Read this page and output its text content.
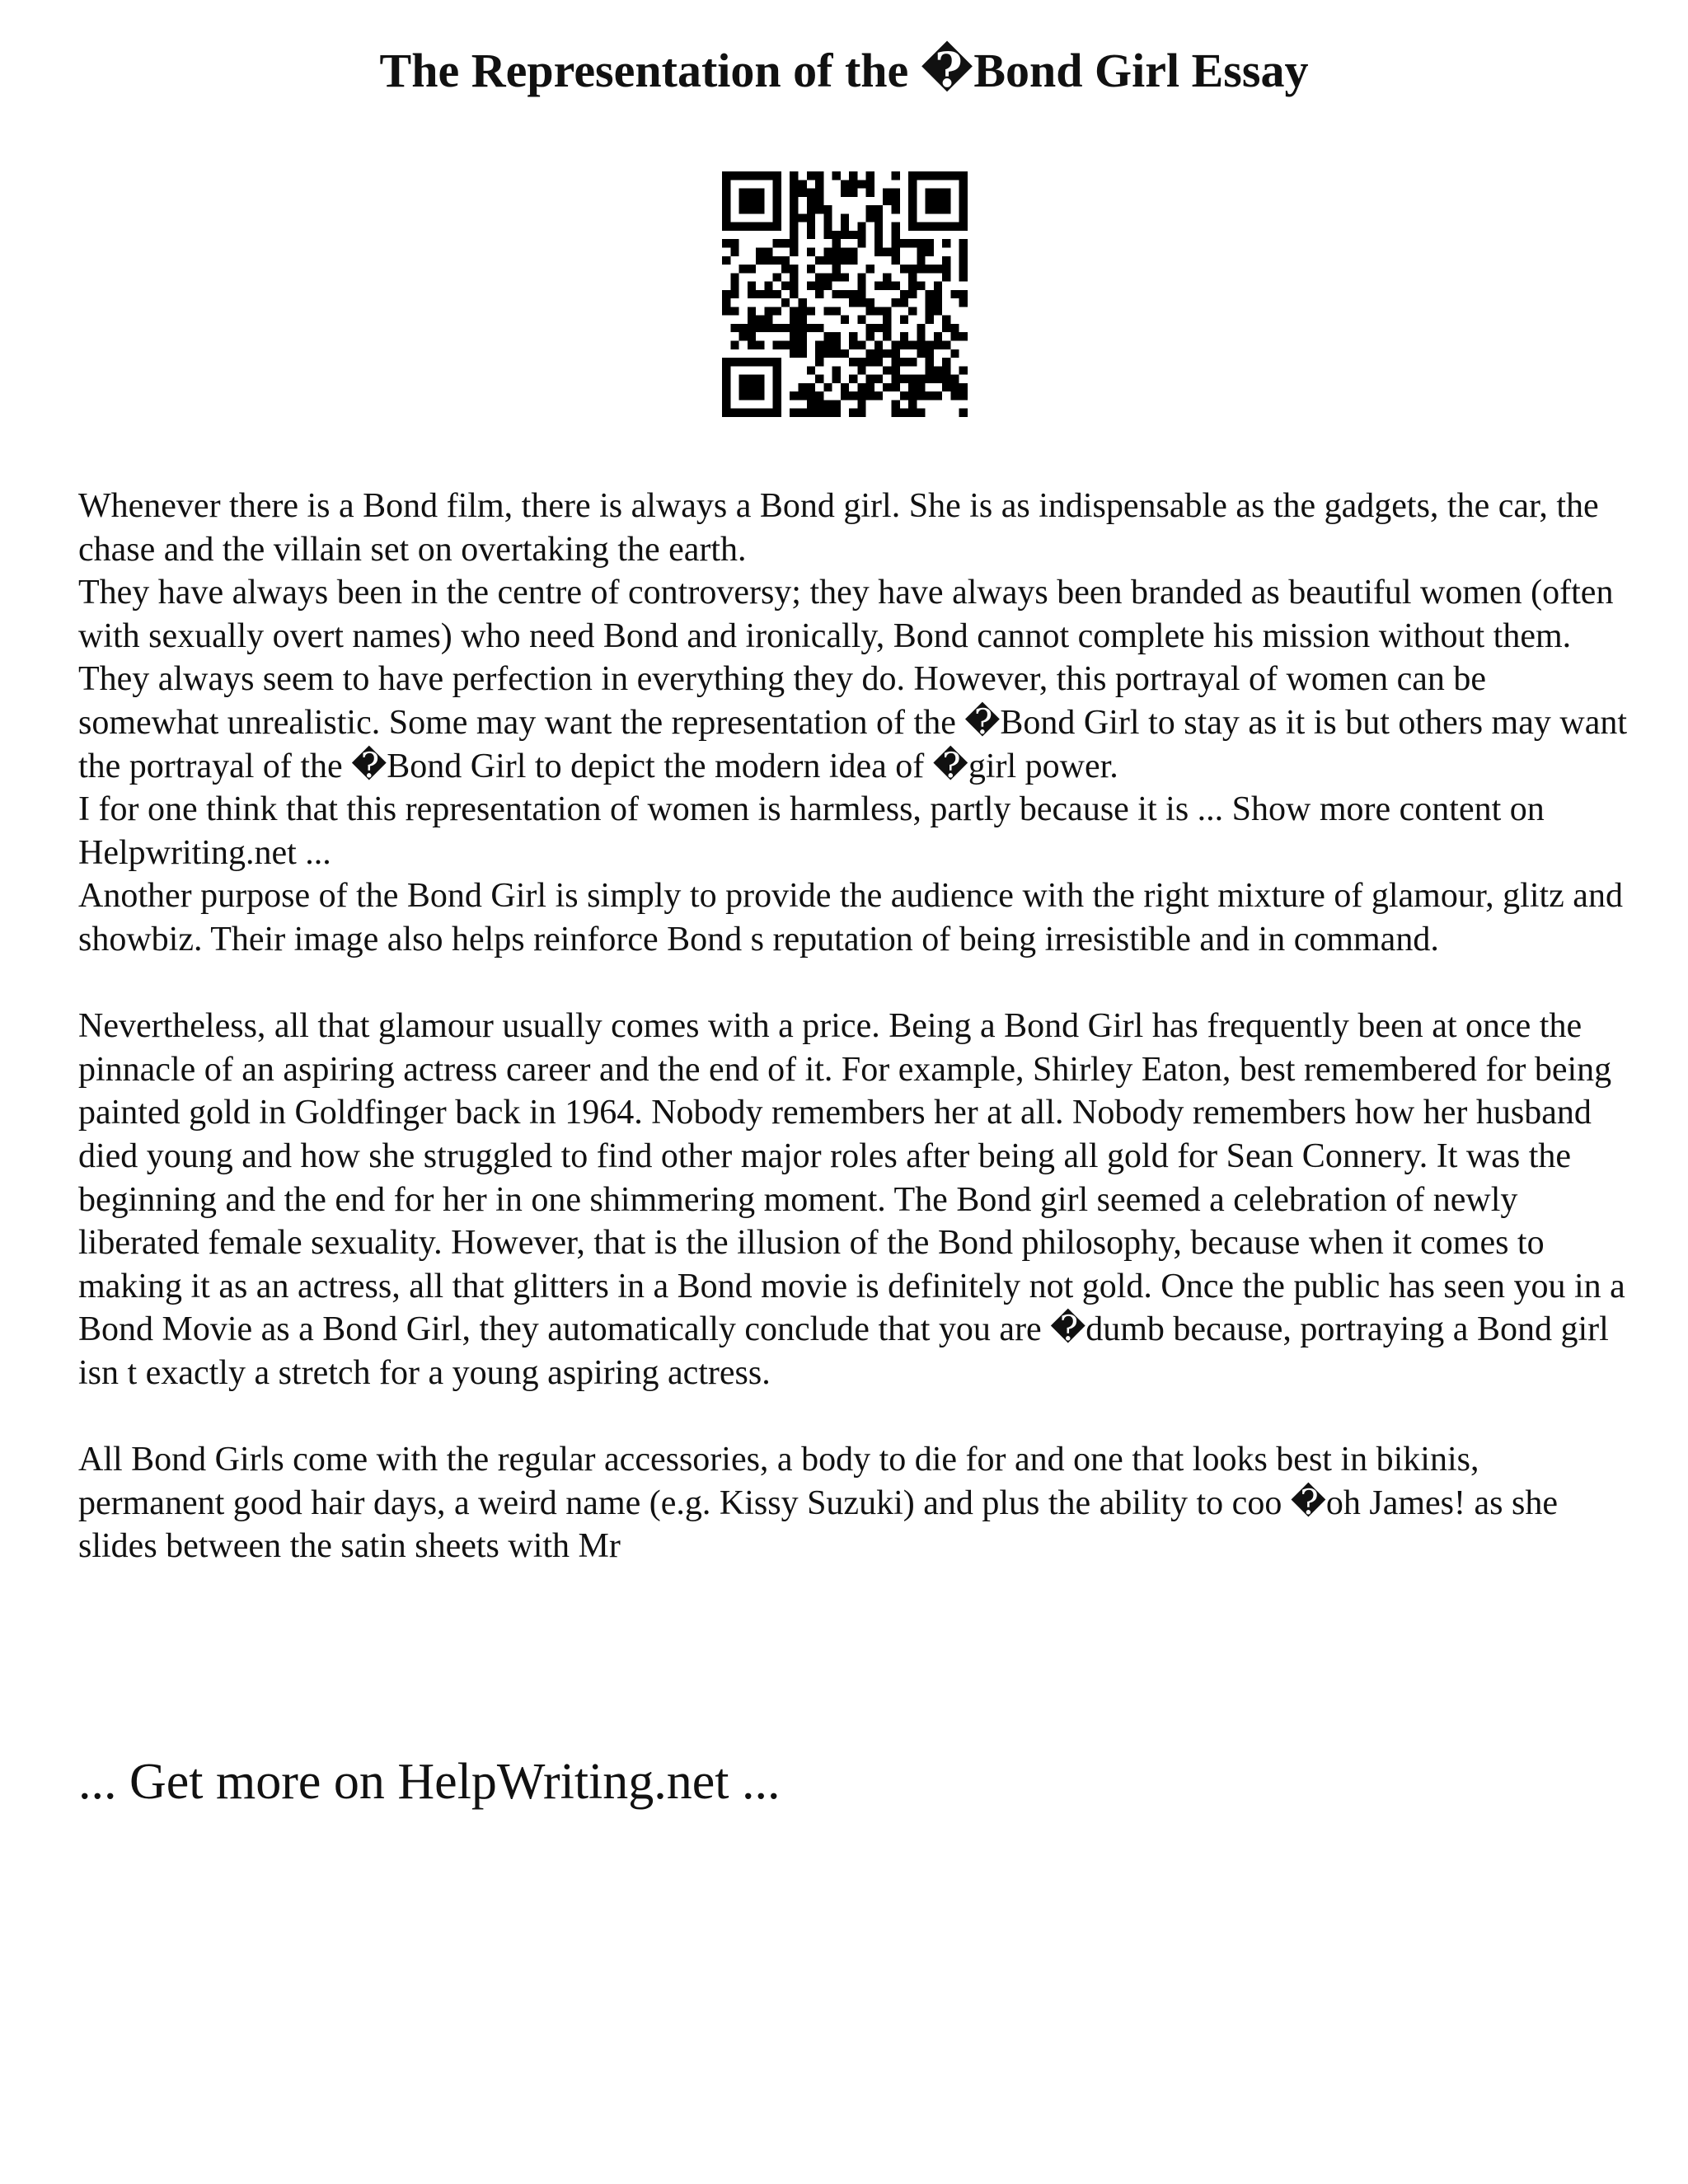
The Representation of the �Bond Girl Essay

Whenever there is a Bond film, there is always a Bond girl. She is as indispensable as the gadgets, the car, the chase and the villain set on overtaking the earth.

They have always been in the centre of controversy; they have always been branded as beautiful women (often with sexually overt names) who need Bond and ironically, Bond cannot complete his mission without them. They always seem to have perfection in everything they do. However, this portrayal of women can be somewhat unrealistic. Some may want the representation of the �Bond Girl to stay as it is but others may want the portrayal of the �Bond Girl to depict the modern idea of �girl power.

I for one think that this representation of women is harmless, partly because it is ... Show more content on Helpwriting.net ...

Another purpose of the Bond Girl is simply to provide the audience with the right mixture of glamour, glitz and showbiz. Their image also helps reinforce Bond s reputation of being irresistible and in command.

Nevertheless, all that glamour usually comes with a price. Being a Bond Girl has frequently been at once the pinnacle of an aspiring actress career and the end of it. For example, Shirley Eaton, best remembered for being painted gold in Goldfinger back in 1964. Nobody remembers her at all. Nobody remembers how her husband died young and how she struggled to find other major roles after being all gold for Sean Connery. It was the beginning and the end for her in one shimmering moment. The Bond girl seemed a celebration of newly liberated female sexuality. However, that is the illusion of the Bond philosophy, because when it comes to making it as an actress, all that glitters in a Bond movie is definitely not gold. Once the public has seen you in a Bond Movie as a Bond Girl, they automatically conclude that you are �dumb because, portraying a Bond girl isn t exactly a stretch for a young aspiring actress.

All Bond Girls come with the regular accessories, a body to die for and one that looks best in bikinis, permanent good hair days, a weird name (e.g. Kissy Suzuki) and plus the ability to coo �oh James! as she slides between the satin sheets with Mr

... Get more on HelpWriting.net ...
